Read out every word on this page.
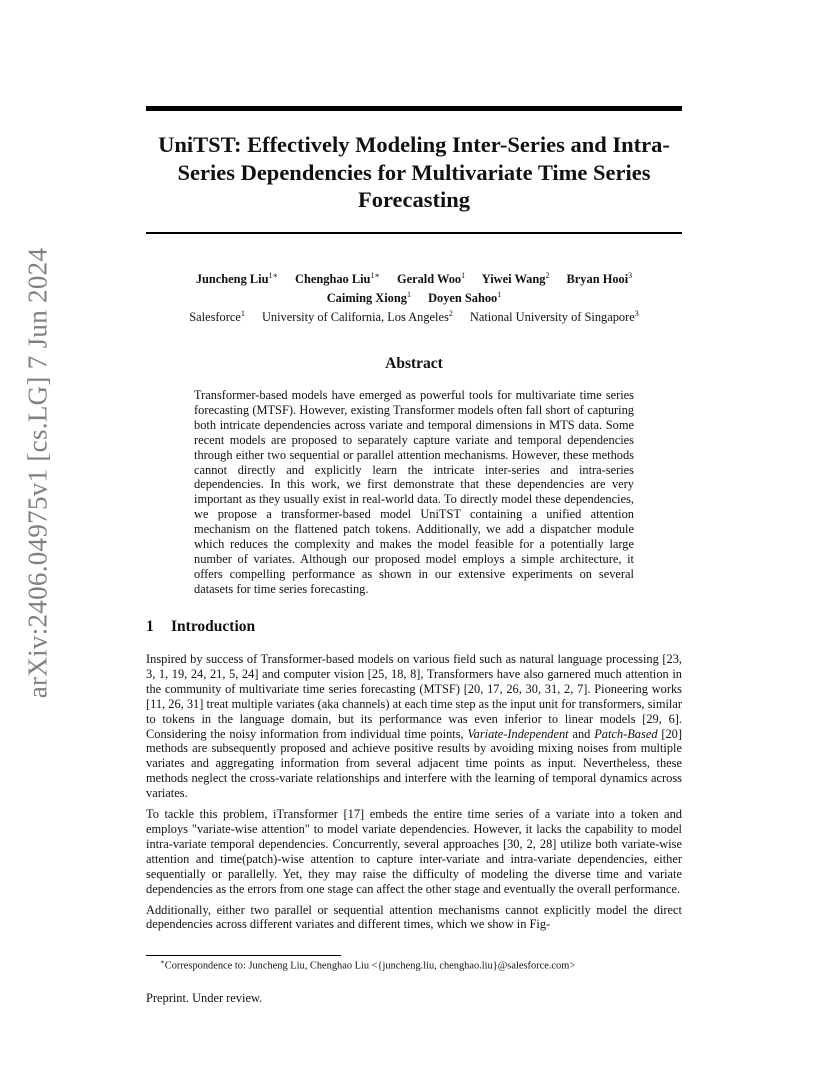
arXiv:2406.04975v1 [cs.LG] 7 Jun 2024
UniTST: Effectively Modeling Inter-Series and Intra-Series Dependencies for Multivariate Time Series Forecasting
Juncheng Liu$^{1∗}$ Chenghao Liu$^{1∗}$ Gerald Woo$^1$ Yiwei Wang$^2$ Bryan Hooi$^3$
Caiming Xiong$^1$ Doyen Sahoo$^1$
Salesforce$^1$ University of California, Los Angeles$^2$ National University of Singapore$^3$
Abstract
Transformer-based models have emerged as powerful tools for multivariate time series forecasting (MTSF). However, existing Transformer models often fall short of capturing both intricate dependencies across variate and temporal dimensions in MTS data. Some recent models are proposed to separately capture variate and temporal dependencies through either two sequential or parallel attention mechanisms. However, these methods cannot directly and explicitly learn the intricate inter-series and intra-series dependencies. In this work, we first demonstrate that these dependencies are very important as they usually exist in real-world data. To directly model these dependencies, we propose a transformer-based model UniTST containing a unified attention mechanism on the flattened patch tokens. Additionally, we add a dispatcher module which reduces the complexity and makes the model feasible for a potentially large number of variates. Although our proposed model employs a simple architecture, it offers compelling performance as shown in our extensive experiments on several datasets for time series forecasting.
1 Introduction

Inspired by success of Transformer-based models on various field such as natural language processing [23, 3, 1, 19, 24, 21, 5, 24] and computer vision [25, 18, 8], Transformers have also garnered much attention in the community of multivariate time series forecasting (MTSF) [20, 17, 26, 30, 31, 2, 7]. Pioneering works [11, 26, 31] treat multiple variates (aka channels) at each time step as the input unit for transformers, similar to tokens in the language domain, but its performance was even inferior to linear models [29, 6]. Considering the noisy information from individual time points, Variate-Independent and Patch-Based [20] methods are subsequently proposed and achieve positive results by avoiding mixing noises from multiple variates and aggregating information from several adjacent time points as input. Nevertheless, these methods neglect the cross-variate relationships and interfere with the learning of temporal dynamics across variates.

To tackle this problem, iTransformer [17] embeds the entire time series of a variate into a token and employs "variate-wise attention" to model variate dependencies. However, it lacks the capability to model intra-variate temporal dependencies. Concurrently, several approaches [30, 2, 28] utilize both variate-wise attention and time(patch)-wise attention to capture inter-variate and intra-variate dependencies, either sequentially or parallelly. Yet, they may raise the difficulty of modeling the diverse time and variate dependencies as the errors from one stage can affect the other stage and eventually the overall performance.

Additionally, either two parallel or sequential attention mechanisms cannot explicitly model the direct dependencies across different variates and different times, which we show in Fig-

∗Correspondence to: Juncheng Liu, Chenghao Liu <{juncheng.liu, chenghao.liu}@salesforce.com>
Preprint. Under review.
